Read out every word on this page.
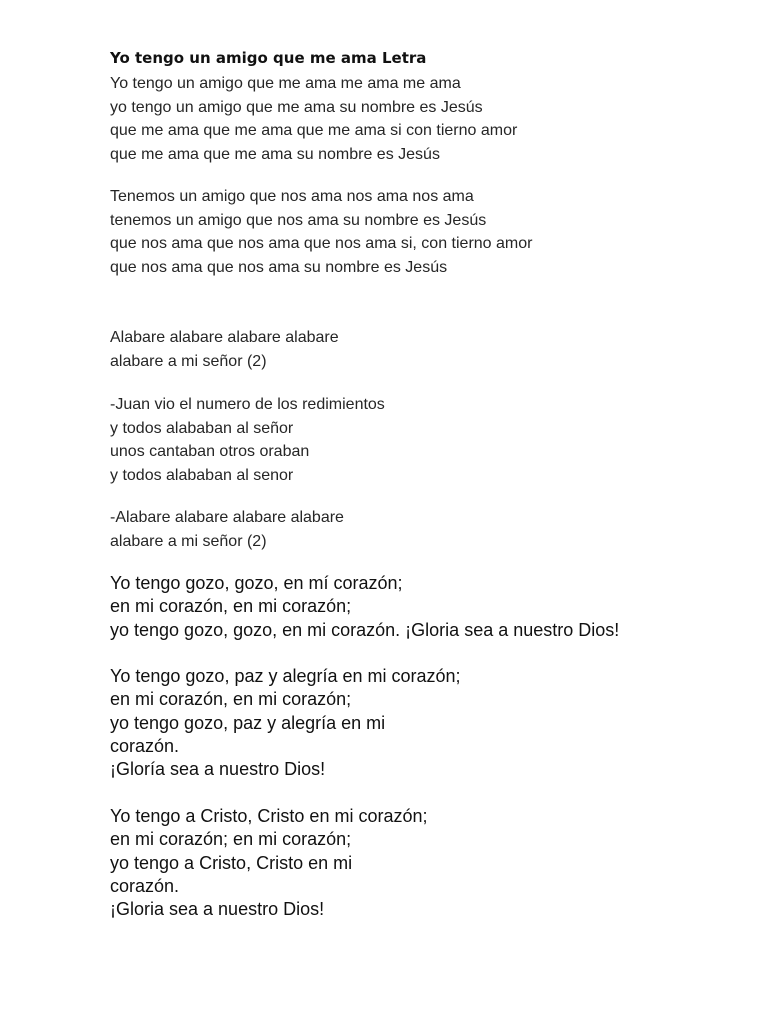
Yo tengo un amigo que me ama Letra
Yo tengo un amigo que me ama me ama me ama
yo tengo un amigo que me ama su nombre es Jesús
que me ama que me ama que me ama si con tierno amor
que me ama que me ama su nombre es Jesús
Tenemos un amigo que nos ama nos ama nos ama
tenemos un amigo que nos ama su nombre es Jesús
que nos ama que nos ama que nos ama si, con tierno amor
que nos ama que nos ama su nombre es Jesús
Alabare alabare alabare alabare
alabare a mi señor (2)
-Juan vio el numero de los redimientos
y todos alababan al señor
unos cantaban otros oraban
y todos alababan al senor
-Alabare alabare alabare alabare
alabare a mi señor (2)
Yo tengo gozo, gozo, en mí corazón;
en mi corazón, en mi corazón;
yo tengo gozo, gozo, en mi corazón. ¡Gloria sea a nuestro Dios!
Yo tengo gozo, paz y alegría en mi corazón;
en mi corazón, en mi corazón;
yo tengo gozo, paz y alegría en mi
corazón.
¡Gloría sea a nuestro Dios!
Yo tengo a Cristo, Cristo en mi corazón;
en mi corazón; en mi corazón;
yo tengo a Cristo, Cristo en mi
corazón.
¡Gloria sea a nuestro Dios!
